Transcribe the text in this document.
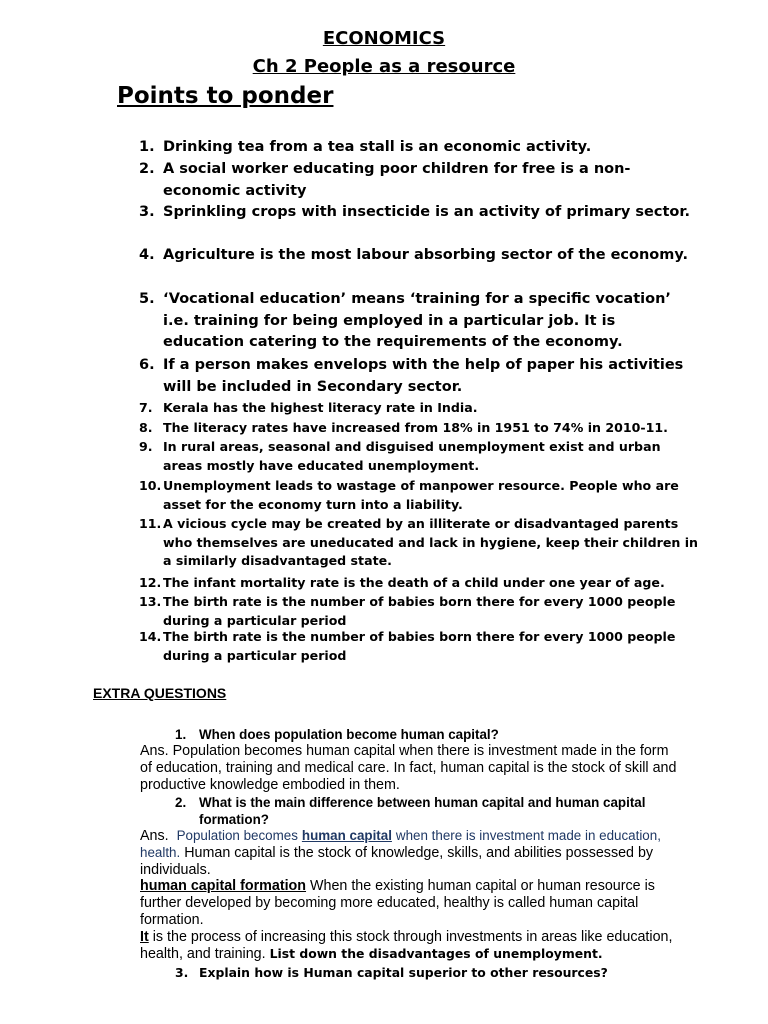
ECONOMICS
Ch 2 People as a resource
Points to ponder
1. Drinking tea from a tea stall is an economic activity.
2. A social worker educating poor children for free is a non-economic activity
3. Sprinkling crops with insecticide is an activity of primary sector.
4. Agriculture is the most labour absorbing sector of the economy.
5. ‘Vocational education’ means ‘training for a specific vocation’ i.e. training for being employed in a particular job. It is education catering to the requirements of the economy.
6. If a person makes envelops with the help of paper his activities will be included in Secondary sector.
7. Kerala has the highest literacy rate in India.
8. The literacy rates have increased from 18% in 1951 to 74% in 2010-11.
9. In rural areas, seasonal and disguised unemployment exist and urban areas mostly have educated unemployment.
10. Unemployment leads to wastage of manpower resource. People who are asset for the economy turn into a liability.
11. A vicious cycle may be created by an illiterate or disadvantaged parents who themselves are uneducated and lack in hygiene, keep their children in a similarly disadvantaged state.
12. The infant mortality rate is the death of a child under one year of age.
13. The birth rate is the number of babies born there for every 1000 people during a particular period
14. The birth rate is the number of babies born there for every 1000 people during a particular period
EXTRA QUESTIONS
1. When does population become human capital?
Ans. Population becomes human capital when there is investment made in the form of education, training and medical care. In fact, human capital is the stock of skill and productive knowledge embodied in them.
2. What is the main difference between human capital and human capital formation?
Ans. Population becomes human capital when there is investment made in education, health. Human capital is the stock of knowledge, skills, and abilities possessed by individuals.
human capital formation When the existing human capital or human resource is further developed by becoming more educated, healthy is called human capital formation.
It is the process of increasing this stock through investments in areas like education, health, and training. List down the disadvantages of unemployment.
3. Explain how is Human capital superior to other resources?
